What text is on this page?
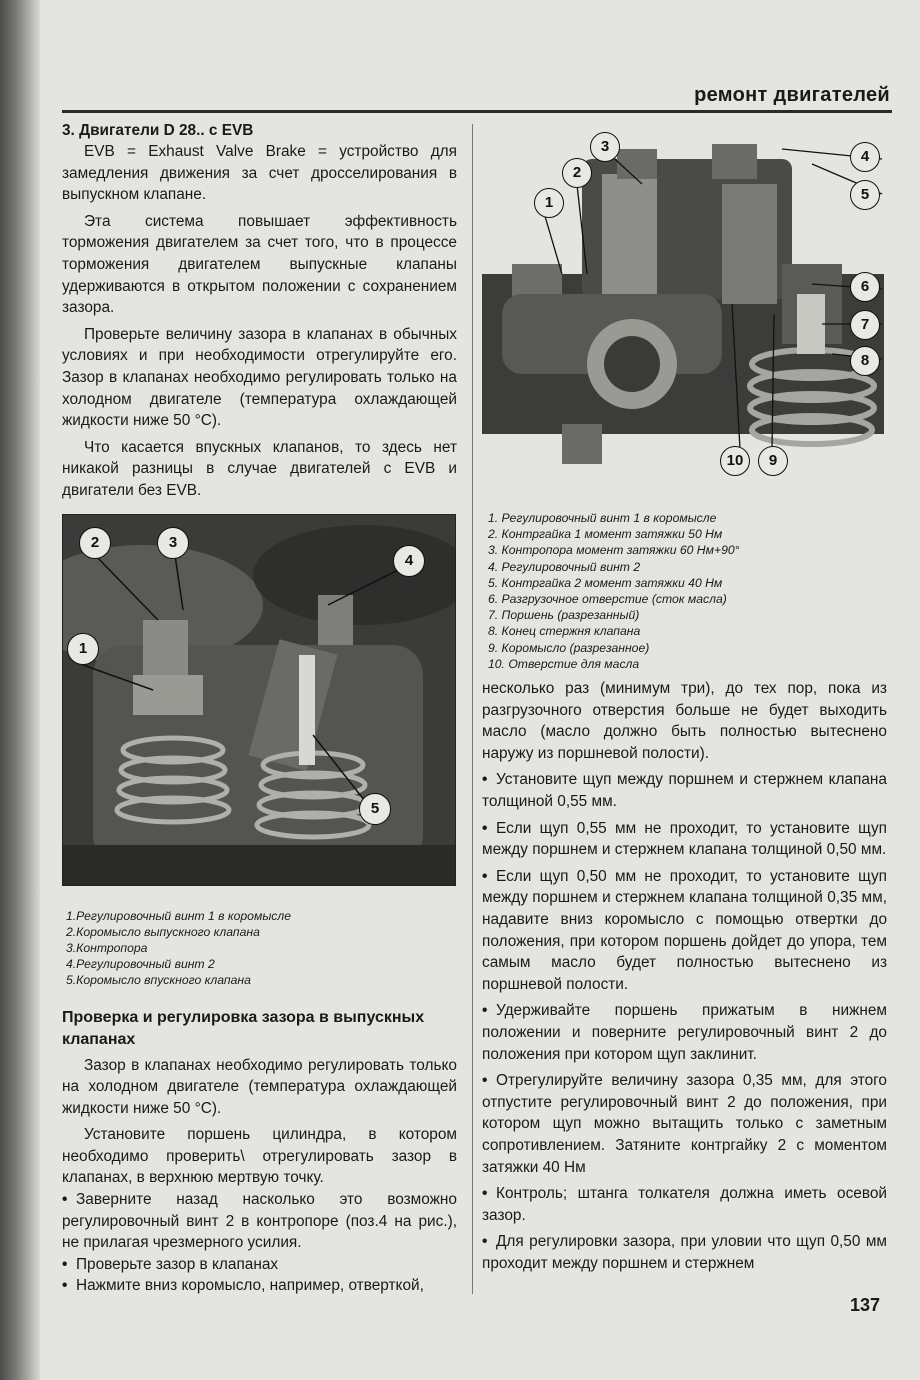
ремонт двигателей
3. Двигатели D 28.. с EVB

EVB = Exhaust Valve Brake = устройство для замедления движения за счет дросселирования в выпускном клапане.

Эта система повышает эффективность торможения двигателем за счет того, что в процессе торможения двигателем выпускные клапаны удерживаются в открытом положении с сохранением зазора.

Проверьте величину зазора в клапанах в обычных условиях и при необходимости отрегулируйте его. Зазор в клапанах необходимо регулировать только на холодном двигателе (температура охлаждающей жидкости ниже 50 °C).

Что касается впускных клапанов, то здесь нет никакой разницы в случае двигателей с EVB и двигатели без EVB.

2	3
4
1
5

1.Регулировочный винт 1 в коромысле

2.Коромысло выпускного клапана

3.Контропора

4.Регулировочный винт 2

5.Коромысло впускного клапана

Проверка и регулировка зазора в выпускных клапанах

Зазор в клапанах необходимо регулировать только на холодном двигателе (температура охлаждающей жидкости ниже 50 °C).

Установите поршень цилиндра, в котором необходимо проверить\ отрегулировать зазор в клапанах, в верхнюю мертвую точку.

• Заверните назад насколько это возможно регулировочный винт 2 в контропоре (поз.4 на рис.), не прилагая чрезмерного усилия.

• Проверьте зазор в клапанах

• Нажмите вниз коромысло, например, отверткой,

1
2
3
4
5
6
7
8
9
10

1. Регулировочный винт 1 в коромысле

2. Контргайка 1 момент затяжки 50 Нм

3. Контропора момент затяжки 60 Нм+90°

4. Регулировочный винт 2

5. Контргайка 2 момент затяжки 40 Нм

6. Разгрузочное отверстие (сток масла)

7. Поршень (разрезанный)

8. Конец стержня клапана

9. Коромысло (разрезанное)

10. Отверстие для масла

несколько раз (минимум три), до тех пор, пока из разгрузочного отверстия больше не будет выходить масло (масло должно быть полностью вытеснено наружу из поршневой полости).

• Установите щуп между поршнем и стержнем клапана толщиной 0,55 мм.

• Если щуп 0,55 мм не проходит, то установите щуп между поршнем и стержнем клапана толщиной 0,50 мм.

• Если щуп 0,50 мм не проходит, то установите щуп между поршнем и стержнем клапана толщиной 0,35 мм, надавите вниз коромысло с помощью отвертки до положения, при котором поршень дойдет до упора, тем самым масло будет полностью вытеснено из поршневой полости.

• Удерживайте поршень прижатым в нижнем положении и поверните регулировочный винт 2 до положения при котором щуп заклинит.

• Отрегулируйте величину зазора 0,35 мм, для этого отпустите регулировочный винт 2 до положения, при котором щуп можно вытащить только с заметным сопротивлением. Затяните контргайку 2 с моментом затяжки 40 Нм

• Контроль; штанга толкателя должна иметь осевой зазор.

• Для регулировки зазора, при уловии что щуп 0,50 мм проходит между поршнем и стержнем

137
